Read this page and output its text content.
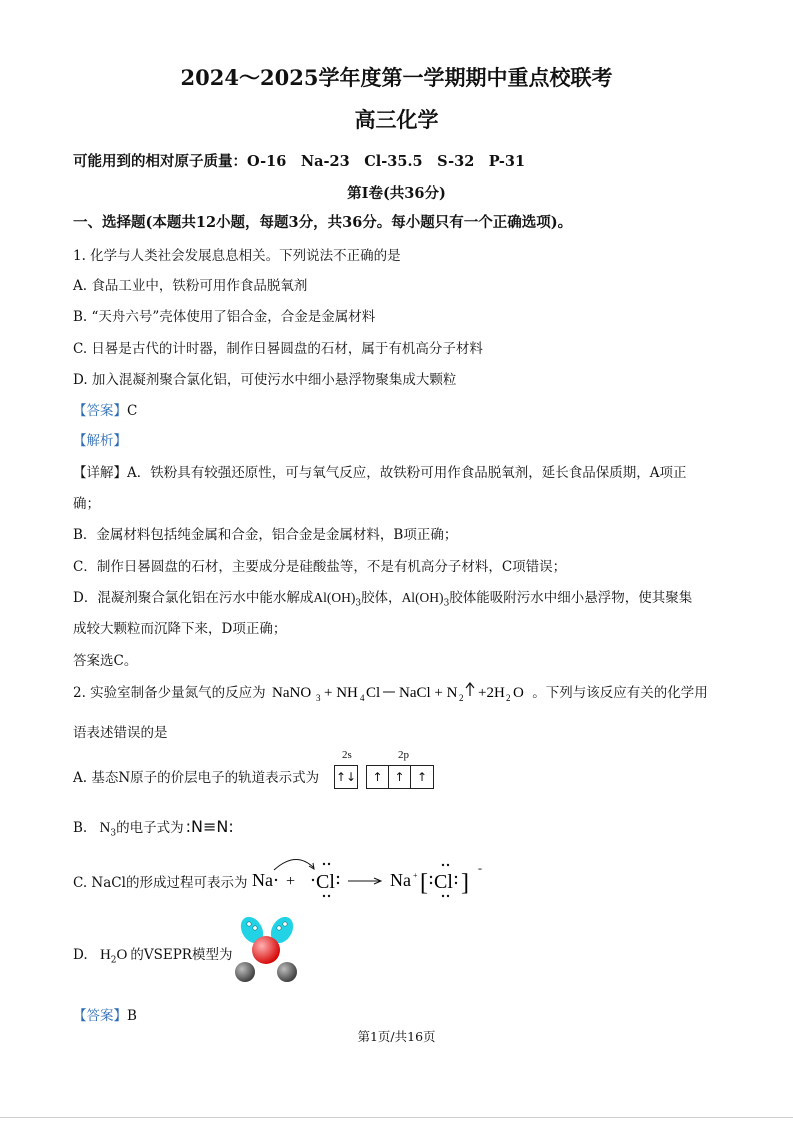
2024～2025学年度第一学期期中重点校联考
高三化学
可能用到的相对原子质量：O-16　Na-23　Cl-35.5　S-32　P-31
第Ⅰ卷(共36分)
一、选择题(本题共12小题，每题3分，共36分。每小题只有一个正确选项)。
1. 化学与人类社会发展息息相关。下列说法不正确的是
A. 食品工业中，铁粉可用作食品脱氧剂
B. “天舟六号”壳体使用了铝合金，合金是金属材料
C. 日晷是古代的计时器，制作日晷圆盘的石材，属于有机高分子材料
D. 加入混凝剂聚合氯化铝，可使污水中细小悬浮物聚集成大颗粒
【答案】C
【解析】
【详解】A．铁粉具有较强还原性，可与氧气反应，故铁粉可用作食品脱氧剂，延长食品保质期，A项正
确；
B．金属材料包括纯金属和合金，铝合金是金属材料，B项正确；
C．制作日晷圆盘的石材，主要成分是硅酸盐等，不是有机高分子材料，C项错误；
D．混凝剂聚合氯化铝在污水中能水解成$Al(OH)_3$胶体，$Al(OH)_3$胶体能吸附污水中细小悬浮物，使其聚集
成较大颗粒而沉降下来，D项正确；
答案选C。
2. 实验室制备少量氮气的反应为 NaNO 3 + NH 4 Cl NaCl + N 2 +2H 2 O 。下列与该反应有关的化学用
语表述错误的是
A. 基态N原子的价层电子的轨道表示式为
2s	2p
↑↓	↑ ↑	↑
B. $N_3$的电子式为 :N≡N:
C. NaCl的形成过程可表示为 Na + Cl	Na + [ Cl ]
-
D. $H_2O$ 的VSEPR模型为
【答案】B
第1页/共16页
